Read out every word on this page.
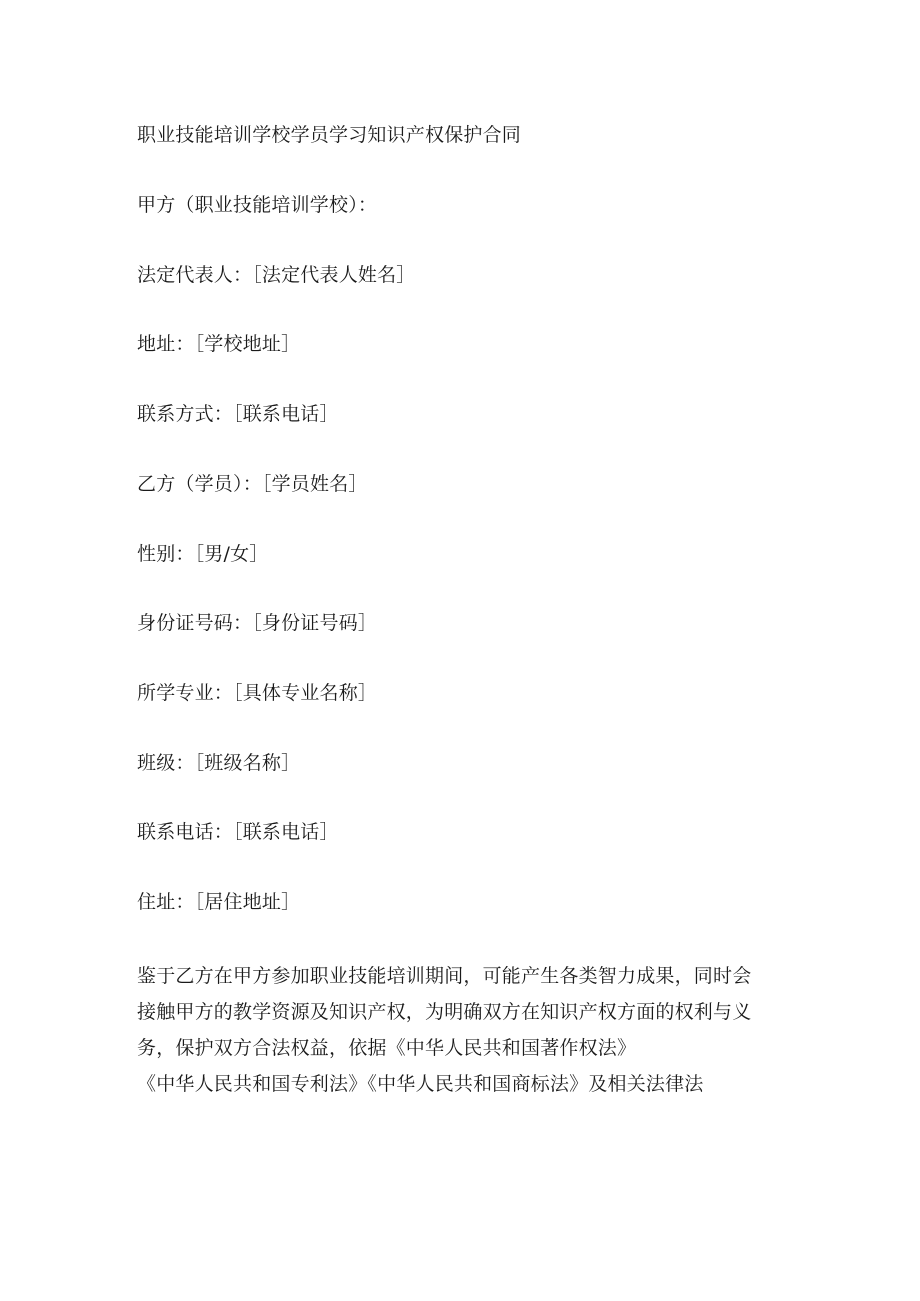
职业技能培训学校学员学习知识产权保护合同
甲方（职业技能培训学校）：
法定代表人：［法定代表人姓名］
地址：［学校地址］
联系方式：［联系电话］
乙方（学员）：［学员姓名］
性别：［男/女］
身份证号码：［身份证号码］
所学专业：［具体专业名称］
班级：［班级名称］
联系电话：［联系电话］
住址：［居住地址］
鉴于乙方在甲方参加职业技能培训期间，可能产生各类智力成果，同时会
接触甲方的教学资源及知识产权，为明确双方在知识产权方面的权利与义
务，保护双方合法权益，依据《中华人民共和国著作权法》
《中华人民共和国专利法》《中华人民共和国商标法》及相关法律法
